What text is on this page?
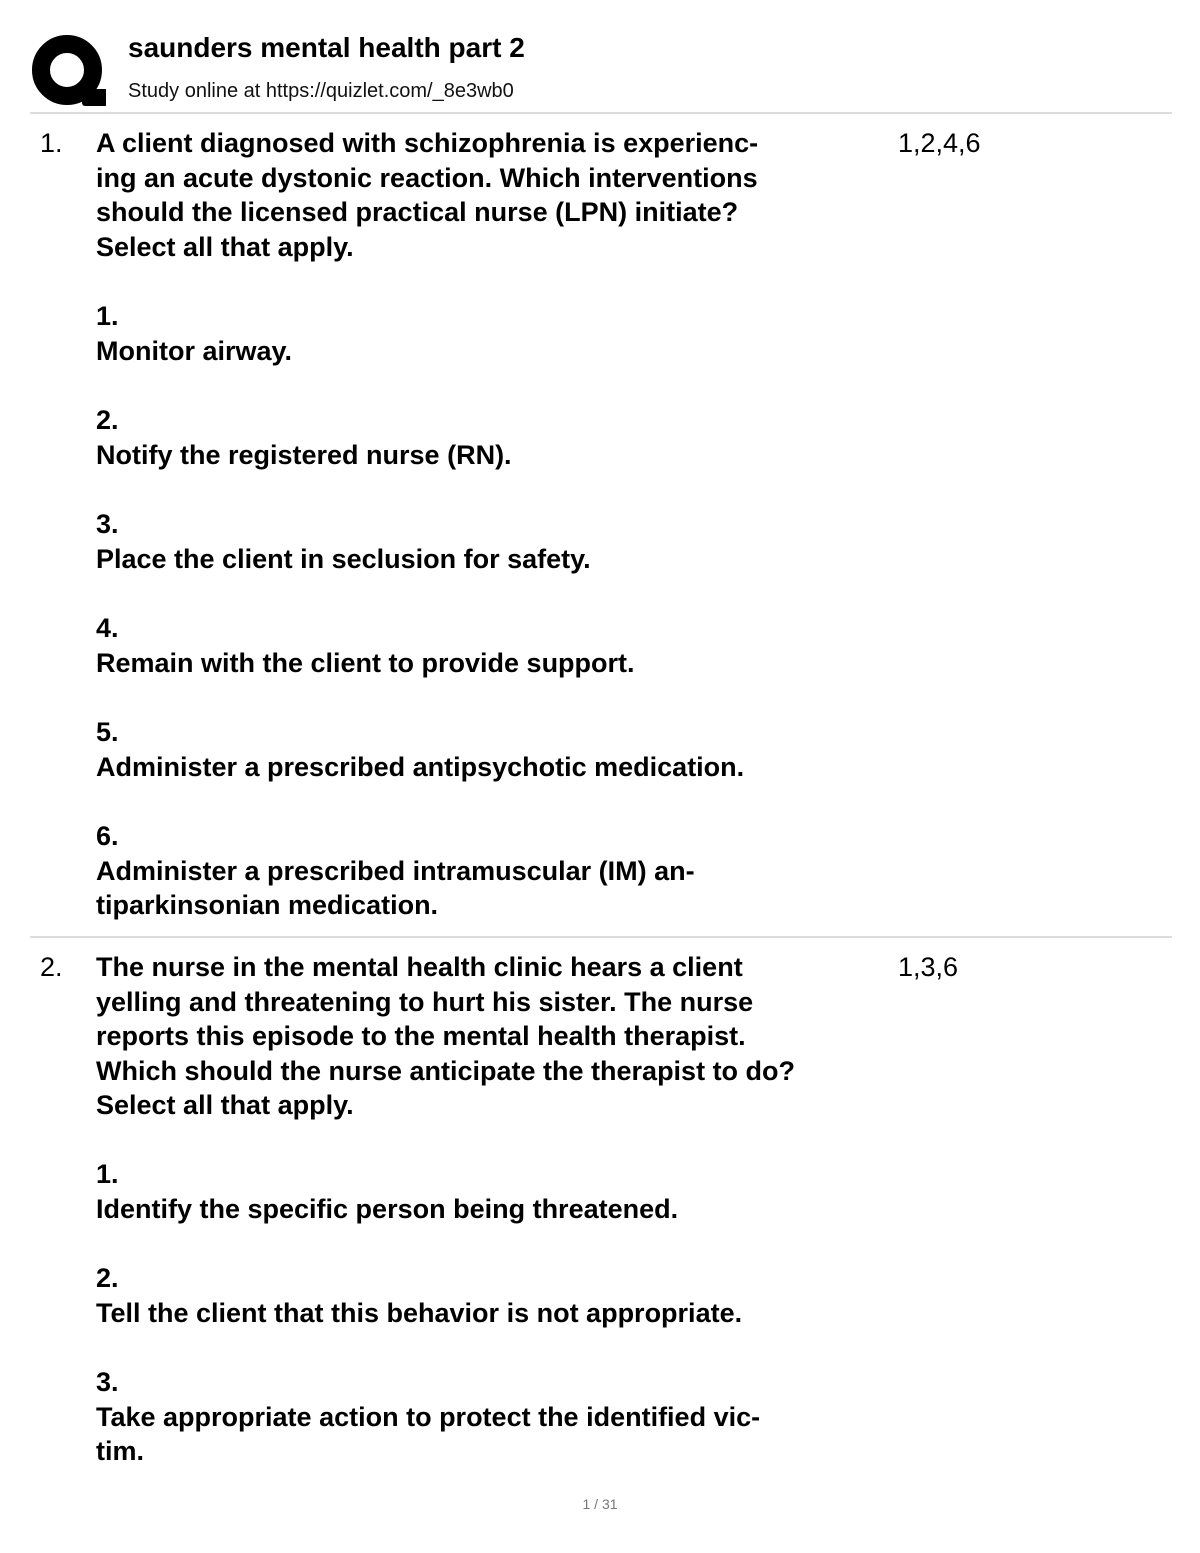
saunders mental health part 2
Study online at https://quizlet.com/_8e3wb0
1. A client diagnosed with schizophrenia is experienc-

ing an acute dystonic reaction. Which interventions

should the licensed practical nurse (LPN) initiate?

Select all that apply.

1,2,4,6
1.
Monitor airway.
2.
Notify the registered nurse (RN).
3.
Place the client in seclusion for safety.
4.
Remain with the client to provide support.
5.
Administer a prescribed antipsychotic medication.
6.
Administer a prescribed intramuscular (IM) an-
tiparkinsonian medication.
2. The nurse in the mental health clinic hears a client

yelling and threatening to hurt his sister. The nurse

reports this episode to the mental health therapist.

Which should the nurse anticipate the therapist to do?

Select all that apply.

1,3,6
1.
Identify the specific person being threatened.
2.
Tell the client that this behavior is not appropriate.
3.
Take appropriate action to protect the identified vic-
tim.
1 / 31
